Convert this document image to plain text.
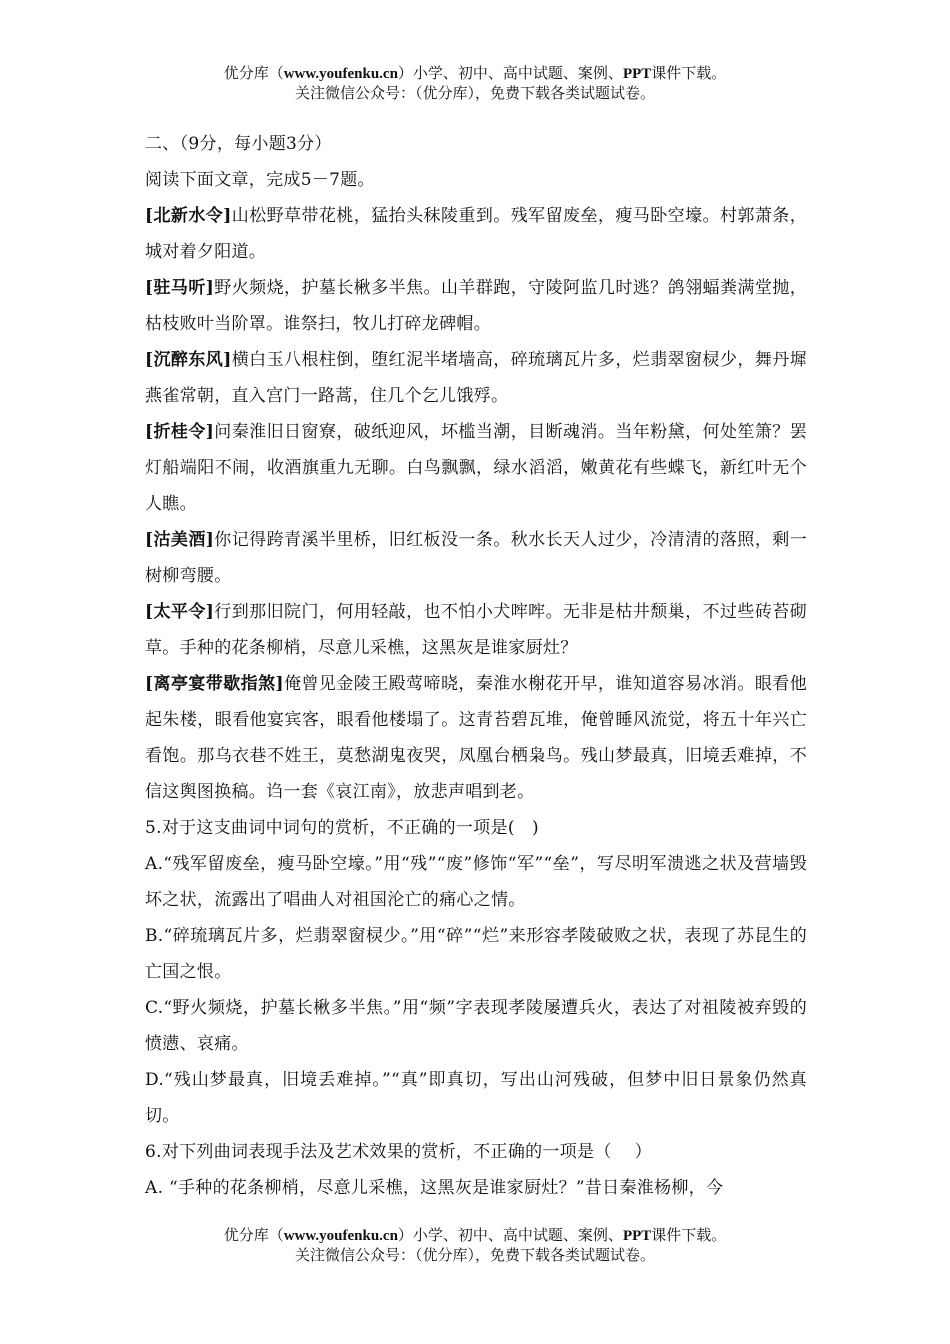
优分库（www.youfenku.cn）小学、初中、高中试题、案例、PPT课件下载。
关注微信公众号：（优分库），免费下载各类试题试卷。

二、（9分，每小题3分）

阅读下面文章，完成5－7题。

[北新水令]山松野草带花桃，猛抬头秣陵重到。残军留废垒，瘦马卧空壕。村郭萧条，城对着夕阳道。

[驻马听]野火频烧，护墓长楸多半焦。山羊群跑，守陵阿监几时逃？鸽翎蝠粪满堂抛，枯枝败叶当阶罩。谁祭扫，牧儿打碎龙碑帽。

[沉醉东风]横白玉八根柱倒，堕红泥半堵墙高，碎琉璃瓦片多，烂翡翠窗棂少，舞丹墀燕雀常朝，直入宫门一路蒿，住几个乞儿饿殍。

[折桂令]问秦淮旧日窗寮，破纸迎风，坏槛当潮，目断魂消。当年粉黛，何处笙箫？罢灯船端阳不闹，收酒旗重九无聊。白鸟飘飘，绿水滔滔，嫩黄花有些蝶飞，新红叶无个人瞧。

[沽美酒]你记得跨青溪半里桥，旧红板没一条。秋水长天人过少，冷清清的落照，剩一树柳弯腰。

[太平令]行到那旧院门，何用轻敲，也不怕小犬哰哰。无非是枯井颓巢，不过些砖苔砌草。手种的花条柳梢，尽意儿采樵，这黑灰是谁家厨灶？

[离亭宴带歇指煞]俺曾见金陵王殿莺啼晓，秦淮水榭花开早，谁知道容易冰消。眼看他起朱楼，眼看他宴宾客，眼看他楼塌了。这青苔碧瓦堆，俺曾睡风流觉，将五十年兴亡看饱。那乌衣巷不姓王，莫愁湖鬼夜哭，凤凰台栖枭鸟。残山梦最真，旧境丢难掉，不信这舆图换稿。诌一套《哀江南》，放悲声唱到老。

5.对于这支曲词中词句的赏析，不正确的一项是(　)

A.“残军留废垒，瘦马卧空壕。”用“残”“废”修饰“军”“垒”，写尽明军溃逃之状及营墙毁坏之状，流露出了唱曲人对祖国沦亡的痛心之情。

B.“碎琉璃瓦片多，烂翡翠窗棂少。”用“碎”“烂”来形容孝陵破败之状，表现了苏昆生的亡国之恨。

C.“野火频烧，护墓长楸多半焦。”用“频”字表现孝陵屡遭兵火，表达了对祖陵被弃毁的愤懑、哀痛。

D.“残山梦最真，旧境丢难掉。”“真”即真切，写出山河残破，但梦中旧日景象仍然真切。

6.对下列曲词表现手法及艺术效果的赏析，不正确的一项是（　 ）

A. “手种的花条柳梢，尽意儿采樵，这黑灰是谁家厨灶？”昔日秦淮杨柳，今

优分库（www.youfenku.cn）小学、初中、高中试题、案例、PPT课件下载。
关注微信公众号：（优分库），免费下载各类试题试卷。
